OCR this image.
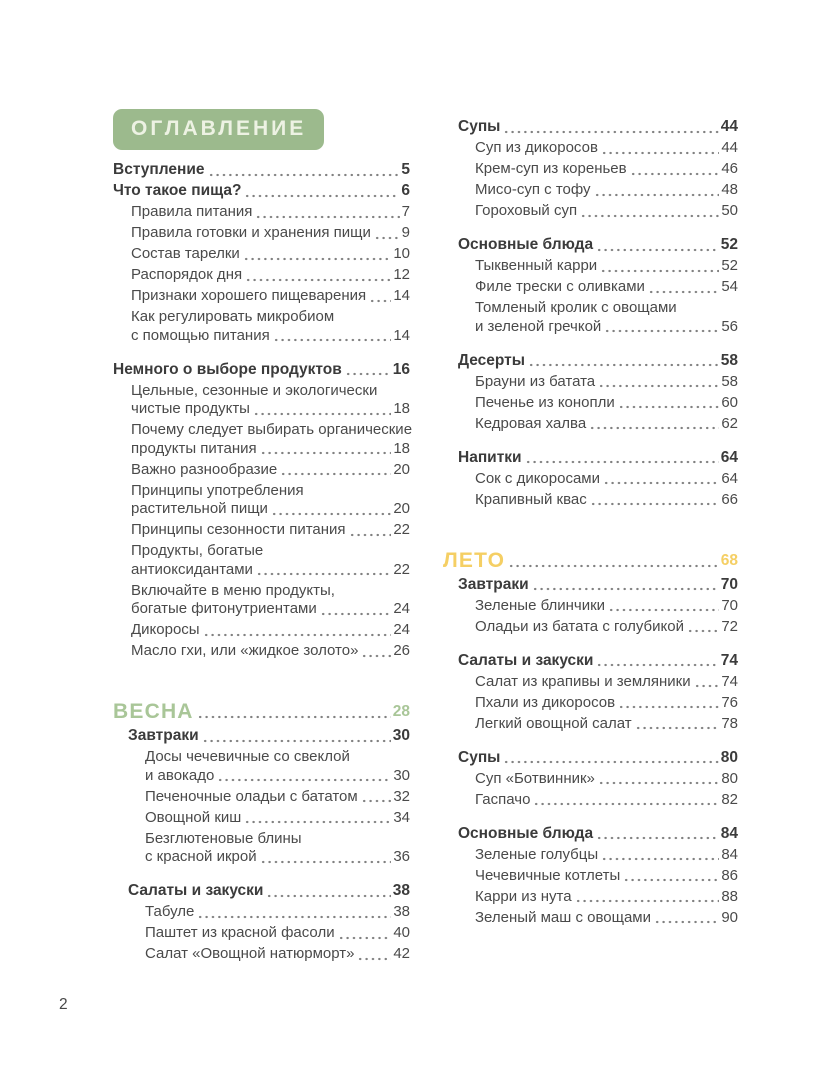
ОГЛАВЛЕНИЕ
Вступление	5
Что такое пища?	6
Правила питания	7
Правила готовки и хранения пищи 9
Состав тарелки	10
Распорядок дня	12
Признаки хорошего пищеварения 14
Как регулировать микробиом
с помощью питания	14
Немного о выборе продуктов	16
Цельные, сезонные и экологически
чистые продукты	18
Почему следует выбирать органические
продукты питания	18
Важно разнообразие	20
Принципы употребления
растительной пищи	20
Принципы сезонности питания	22
Продукты, богатые
антиоксидантами	22
Включайте в меню продукты,
богатые фитонутриентами	24
Дикоросы	24
Масло гхи, или «жидкое золото» 26
ВЕСНА	28
Завтраки	30
Досы чечевичные со свеклой
и авокадо	30
Печеночные оладьи с бататом 32
Овощной киш	34
Безглютеновые блины
с красной икрой	36
Салаты и закуски	38
Табуле	38
Паштет из красной фасоли	40
Салат «Овощной натюрморт»	42
Супы	44
Суп из дикоросов	44
Крем-суп из кореньев	46
Мисо-суп с тофу	48
Гороховый суп	50
Основные блюда	52
Тыквенный карри	52
Филе трески с оливками	54
Томленый кролик с овощами
и зеленой гречкой	56
Десерты	58
Брауни из батата	58
Печенье из конопли	60
Кедровая халва	62
Напитки	64
Сок с дикоросами	64
Крапивный квас	66
ЛЕТО	68
Завтраки	70
Зеленые блинчики	70
Оладьи из батата с голубикой 72
Салаты и закуски	74
Салат из крапивы и земляники 74
Пхали из дикоросов	76
Легкий овощной салат	78
Супы	80
Суп «Ботвинник»	80
Гаспачо	82
Основные блюда	84
Зеленые голубцы	84
Чечевичные котлеты	86
Карри из нута	88
Зеленый маш с овощами	90
2
